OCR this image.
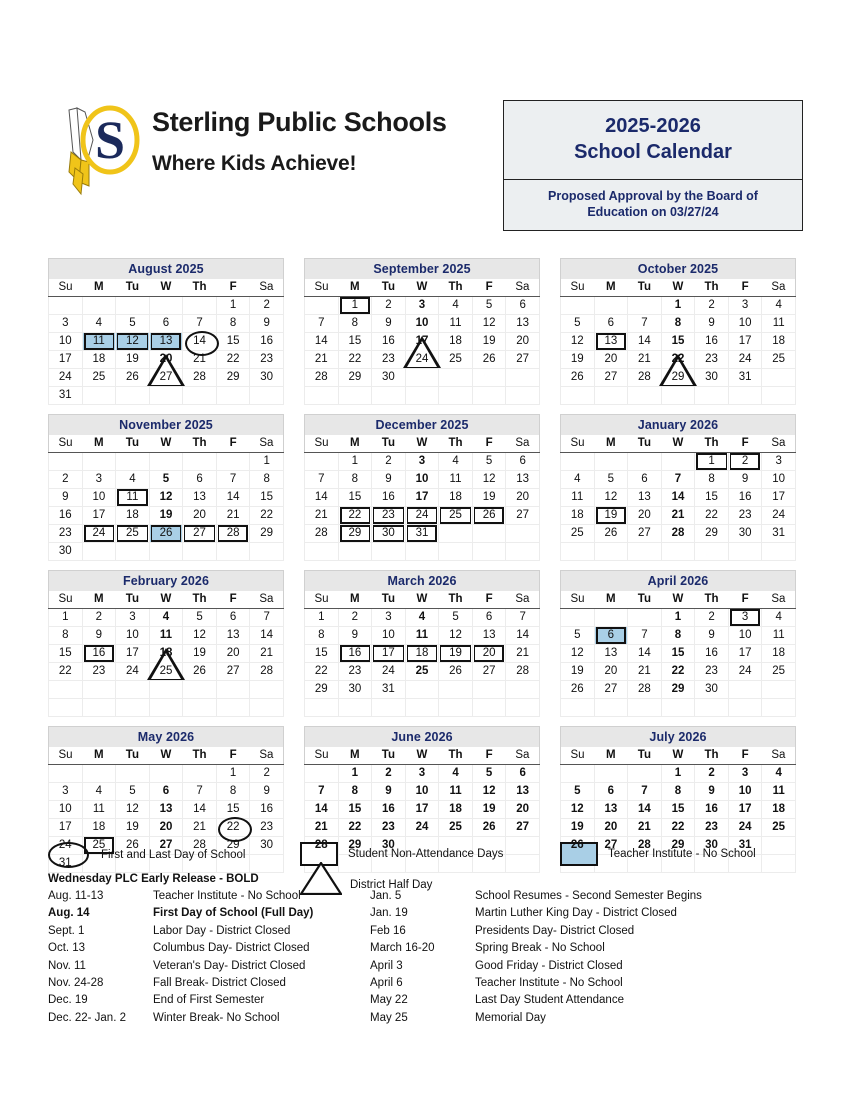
S Sterling Public Schools
Where Kids Achieve!
2025-2026
School Calendar
Proposed Approval by the Board of
Education on 03/27/24
August 2025
Su	M	Tu	W	Th	F	Sa

					1	2

3	4	5	6	7	8	9

10	11	12	13	14	15	16

17	18	19	20	21	22	23

24	25	26	27	28	29	30

31						

September 2025
Su	M	Tu	W	Th	F	Sa

	1	2	3	4	5	6

7	8	9	10	11	12	13

14	15	16	17	18	19	20

21	22	23	24	25	26	27

28	29	30				

October 2025
Su	M	Tu	W	Th	F	Sa

			1	2	3	4

5	6	7	8	9	10	11

12	13	14	15	16	17	18

19	20	21	22	23	24	25

26	27	28	29	30	31	

November 2025
Su	M	Tu	W	Th	F	Sa

						1

2	3	4	5	6	7	8

9	10	11	12	13	14	15

16	17	18	19	20	21	22

23	24	25	26	27	28	29

30						

December 2025
Su	M	Tu	W	Th	F	Sa

	1	2	3	4	5	6

7	8	9	10	11	12	13

14	15	16	17	18	19	20

21	22	23	24	25	26	27

28	29	30	31			

January 2026
Su	M	Tu	W	Th	F	Sa

				1	2	3

4	5	6	7	8	9	10

11	12	13	14	15	16	17

18	19	20	21	22	23	24

25	26	27	28	29	30	31

February 2026
Su	M	Tu	W	Th	F	Sa

1	2	3	4	5	6	7

8	9	10	11	12	13	14

15	16	17	18	19	20	21

22	23	24	25	26	27	28

March 2026
Su	M	Tu	W	Th	F	Sa

1	2	3	4	5	6	7

8	9	10	11	12	13	14

15	16	17	18	19	20	21

22	23	24	25	26	27	28

29	30	31				

April 2026
Su	M	Tu	W	Th	F	Sa

			1	2	3	4

5	6	7	8	9	10	11

12	13	14	15	16	17	18

19	20	21	22	23	24	25

26	27	28	29	30		

May 2026
Su	M	Tu	W	Th	F	Sa

					1	2

3	4	5	6	7	8	9

10	11	12	13	14	15	16

17	18	19	20	21	22	23

24	25	26	27	28	29	30

31						

June 2026
Su	M	Tu	W	Th	F	Sa

	1	2	3	4	5	6

7	8	9	10	11	12	13

14	15	16	17	18	19	20

21	22	23	24	25	26	27

28	29	30				

July 2026
Su	M	Tu	W	Th	F	Sa

			1	2	3	4

5	6	7	8	9	10	11

12	13	14	15	16	17	18

19	20	21	22	23	24	25

26	27	28	29	30	31	

First and Last Day of School	Student Non-Attendance Days	Teacher Institute - No School
Wednesday PLC Early Release - BOLD	District Half Day
Aug. 11-13	Teacher Institute - No School
Aug. 14	First Day of School (Full Day)
Sept. 1	Labor Day - District Closed
Oct. 13	Columbus Day- District Closed
Nov. 11	Veteran's Day- District Closed
Nov. 24-28	Fall Break- District Closed
Dec. 19	End of First Semester
Dec. 22- Jan. 2	Winter Break- No School
Jan. 5	School Resumes - Second Semester Begins
Jan. 19	Martin Luther King Day - District Closed
Feb 16	Presidents Day- District Closed
March 16-20	Spring Break - No School
April 3	Good Friday - District Closed
April 6	Teacher Institute - No School
May 22	Last Day Student Attendance
May 25	Memorial Day
